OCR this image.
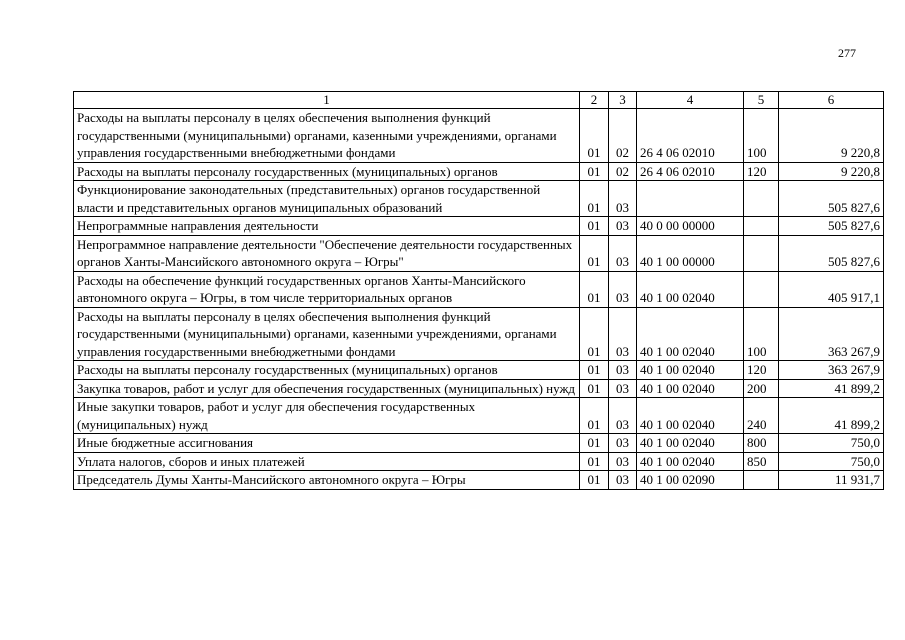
277
1	2	3	4	5	6
Расходы на выплаты персоналу в целях обеспечения выполнения функций государственными (муниципальными) органами, казенными учреждениями, органами управления государственными внебюджетными фондами	01	02	26 4 06 02010	100	9 220,8
Расходы на выплаты персоналу государственных (муниципальных) органов	01	02	26 4 06 02010	120	9 220,8
Функционирование законодательных (представительных) органов государственной власти и представительных органов муниципальных образований	01	03			505 827,6
Непрограммные направления деятельности	01	03	40 0 00 00000		505 827,6
Непрограммное направление деятельности "Обеспечение деятельности государственных органов Ханты-Мансийского автономного округа – Югры"	01	03	40 1 00 00000		505 827,6
Расходы на обеспечение функций государственных органов Ханты-Мансийского автономного округа – Югры, в том числе территориальных органов	01	03	40 1 00 02040		405 917,1
Расходы на выплаты персоналу в целях обеспечения выполнения функций государственными (муниципальными) органами, казенными учреждениями, органами управления государственными внебюджетными фондами	01	03	40 1 00 02040	100	363 267,9
Расходы на выплаты персоналу государственных (муниципальных) органов	01	03	40 1 00 02040	120	363 267,9
Закупка товаров, работ и услуг для обеспечения государственных (муниципальных) нужд	01	03	40 1 00 02040	200	41 899,2
Иные закупки товаров, работ и услуг для обеспечения государственных (муниципальных) нужд	01	03	40 1 00 02040	240	41 899,2
Иные бюджетные ассигнования	01	03	40 1 00 02040	800	750,0
Уплата налогов, сборов и иных платежей	01	03	40 1 00 02040	850	750,0
Председатель Думы Ханты-Мансийского автономного округа – Югры	01	03	40 1 00 02090		11 931,7
